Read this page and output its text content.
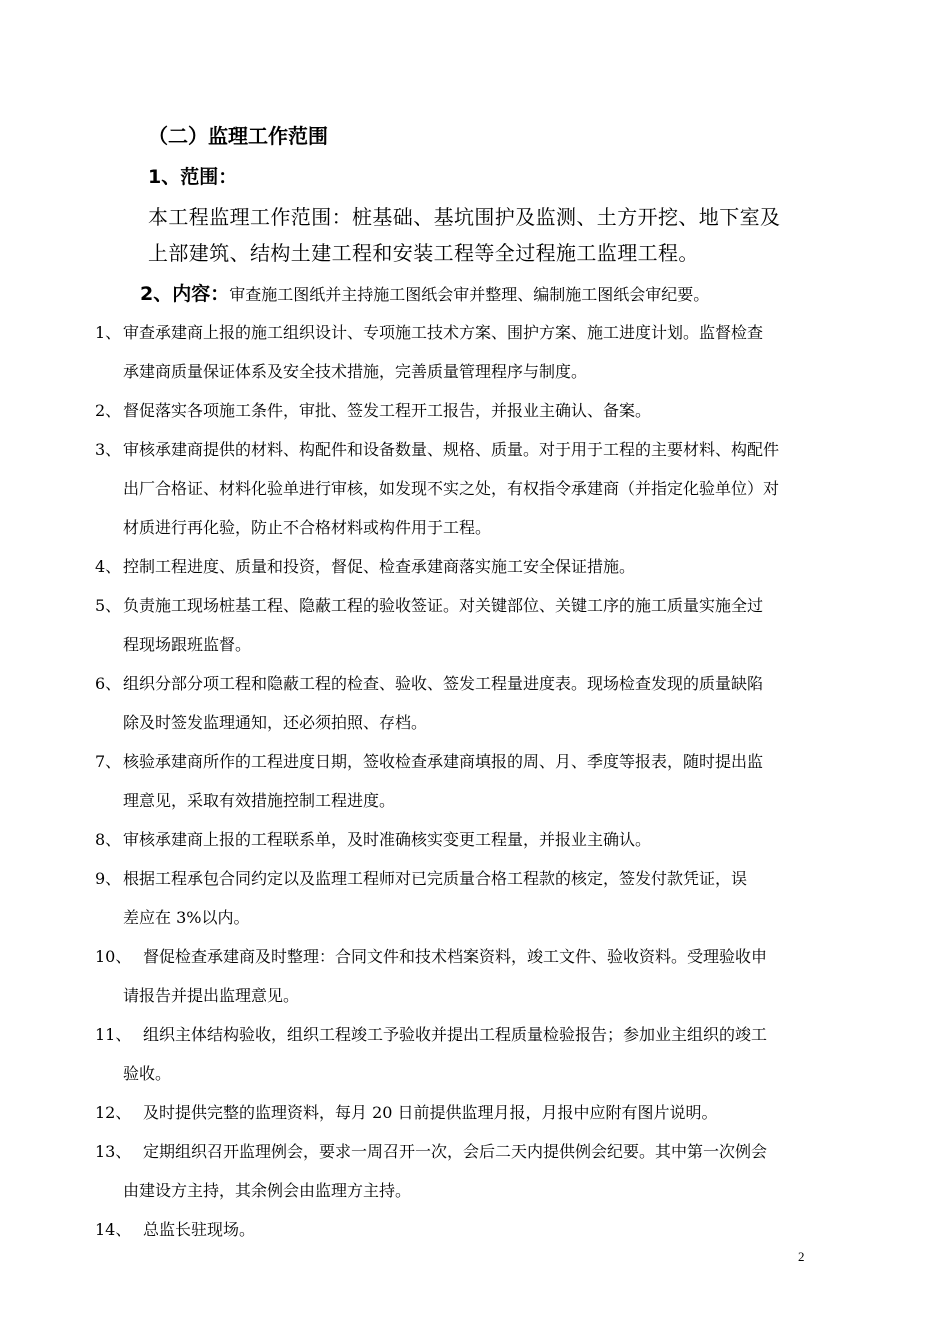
（二）监理工作范围
1、范围：
本工程监理工作范围：桩基础、基坑围护及监测、土方开挖、地下室及
上部建筑、结构土建工程和安装工程等全过程施工监理工程。
2、内容：审查施工图纸并主持施工图纸会审并整理、编制施工图纸会审纪要。
1、 审查承建商上报的施工组织设计、专项施工技术方案、围护方案、施工进度计划。监督检查
承建商质量保证体系及安全技术措施，完善质量管理程序与制度。
2、 督促落实各项施工条件，审批、签发工程开工报告，并报业主确认、备案。
3、 审核承建商提供的材料、构配件和设备数量、规格、质量。对于用于工程的主要材料、构配件
出厂合格证、材料化验单进行审核，如发现不实之处，有权指令承建商（并指定化验单位）对
材质进行再化验，防止不合格材料或构件用于工程。
4、 控制工程进度、质量和投资，督促、检查承建商落实施工安全保证措施。
5、 负责施工现场桩基工程、隐蔽工程的验收签证。对关键部位、关键工序的施工质量实施全过
程现场跟班监督。
6、 组织分部分项工程和隐蔽工程的检查、验收、签发工程量进度表。现场检查发现的质量缺陷
除及时签发监理通知，还必须拍照、存档。
7、 核验承建商所作的工程进度日期，签收检查承建商填报的周、月、季度等报表，随时提出监
理意见，采取有效措施控制工程进度。
8、 审核承建商上报的工程联系单，及时准确核实变更工程量，并报业主确认。
9、 根据工程承包合同约定以及监理工程师对已完质量合格工程款的核定，签发付款凭证，误
差应在 3%以内。
10、 督促检查承建商及时整理：合同文件和技术档案资料，竣工文件、验收资料。受理验收申
请报告并提出监理意见。
11、 组织主体结构验收，组织工程竣工予验收并提出工程质量检验报告；参加业主组织的竣工
验收。
12、 及时提供完整的监理资料，每月 20 日前提供监理月报，月报中应附有图片说明。
13、 定期组织召开监理例会，要求一周召开一次，会后二天内提供例会纪要。其中第一次例会
由建设方主持，其余例会由监理方主持。
14、 总监长驻现场。
2
